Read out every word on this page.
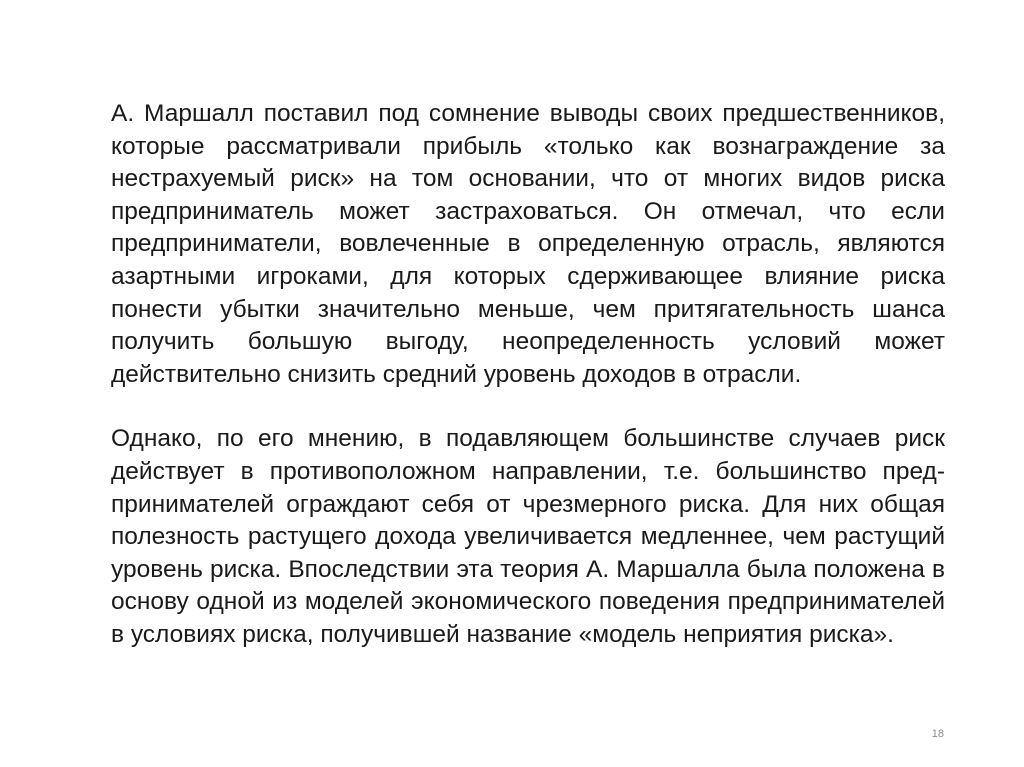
А. Маршалл поставил под сомнение выводы своих предшественников, которые рассматривали прибыль «только как вознаграждение за нестрахуемый риск» на том основании, что от многих видов риска предприниматель может застраховаться. Он отмечал, что если предприниматели, вовлеченные в определенную отрасль, являются азартными игроками, для которых сдерживающее влияние риска понести убытки значительно меньше, чем притягательность шанса получить большую выгоду, неопределенность условий может действительно снизить средний уровень доходов в отрасли.

Однако, по его мнению, в подавляющем большинстве случаев риск действует в противоположном направлении, т.е. большинство пред-принимателей ограждают себя от чрезмерного риска. Для них общая полезность растущего дохода увеличивается медленнее, чем растущий уровень риска. Впоследствии эта теория А. Маршалла была положена в основу одной из моделей экономического поведения предпринимателей в условиях риска, получившей название «модель неприятия риска».

18
